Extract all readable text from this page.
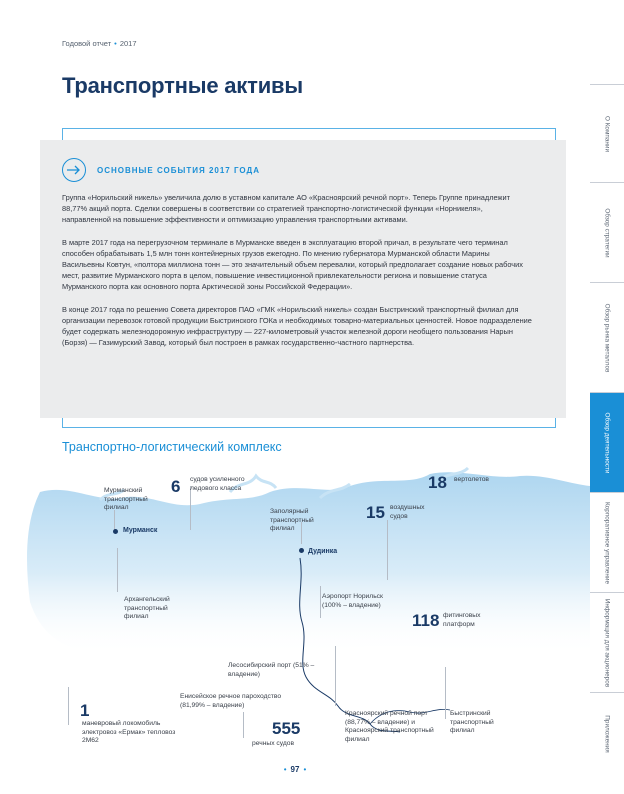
Годовой отчет • 2017
Транспортные активы
ОСНОВНЫЕ СОБЫТИЯ 2017 ГОДА

Группа «Норильский никель» увеличила долю в уставном капитале АО «Красноярский речной порт». Теперь Группе принадлежит 88,77% акций порта. Сделки совершены в соответствии со стратегией транспортно-логистической функции «Норникеля», направленной на повышение эффективности и оптимизацию управления транспортными активами.

В марте 2017 года на перегрузочном терминале в Мурманске введен в эксплуатацию второй причал, в результате чего терминал способен обрабатывать 1,5 млн тонн контейнерных грузов ежегодно. По мнению губернатора Мурманской области Марины Васильевны Ковтун, «полтора миллиона тонн — это значительный объем перевалки, который предполагает создание новых рабочих мест, развитие Мурманского порта в целом, повышение инвестиционной привлекательности региона и повышение статуса Мурманского порта как основного порта Арктической зоны Российской Федерации».

В конце 2017 года по решению Совета директоров ПАО «ГМК «Норильский никель» создан Быстринский транспортный филиал для организации перевозок готовой продукции Быстринского ГОКа и необходимых товарно-материальных ценностей. Новое подразделение будет содержать железнодорожную инфраструктуру — 227-километровый участок железной дороги необщего пользования Нарын (Борзя) — Газимурский Завод, который был построен в рамках государственно-частного партнерства.

Транспортно-логистический комплекс
Мурманский транспортный филиал
Мурманск
6 судов усиленного ледового класса
Заполярный транспортный филиал
Дудинка
15 воздушных судов
18 вертолетов
Архангельский транспортный филиал
Аэропорт Норильск (100% – владение)
118 фитинговых платформ
Лесосибирский порт (51% – владение)
Енисейское речное пароходство (81,99% – владение)
1
маневровый локомобиль электровоз «Ермак» тепловоз 2М62
555
речных судов
Красноярский речной порт (88,77% – владение) и Красноярский транспортный филиал
Быстринский транспортный филиал
О Компании
Обзор стратегии
Обзор рынка металлов
Обзор деятельности
Корпоративное управление
Информация для акционеров
Приложения
• 97 •
